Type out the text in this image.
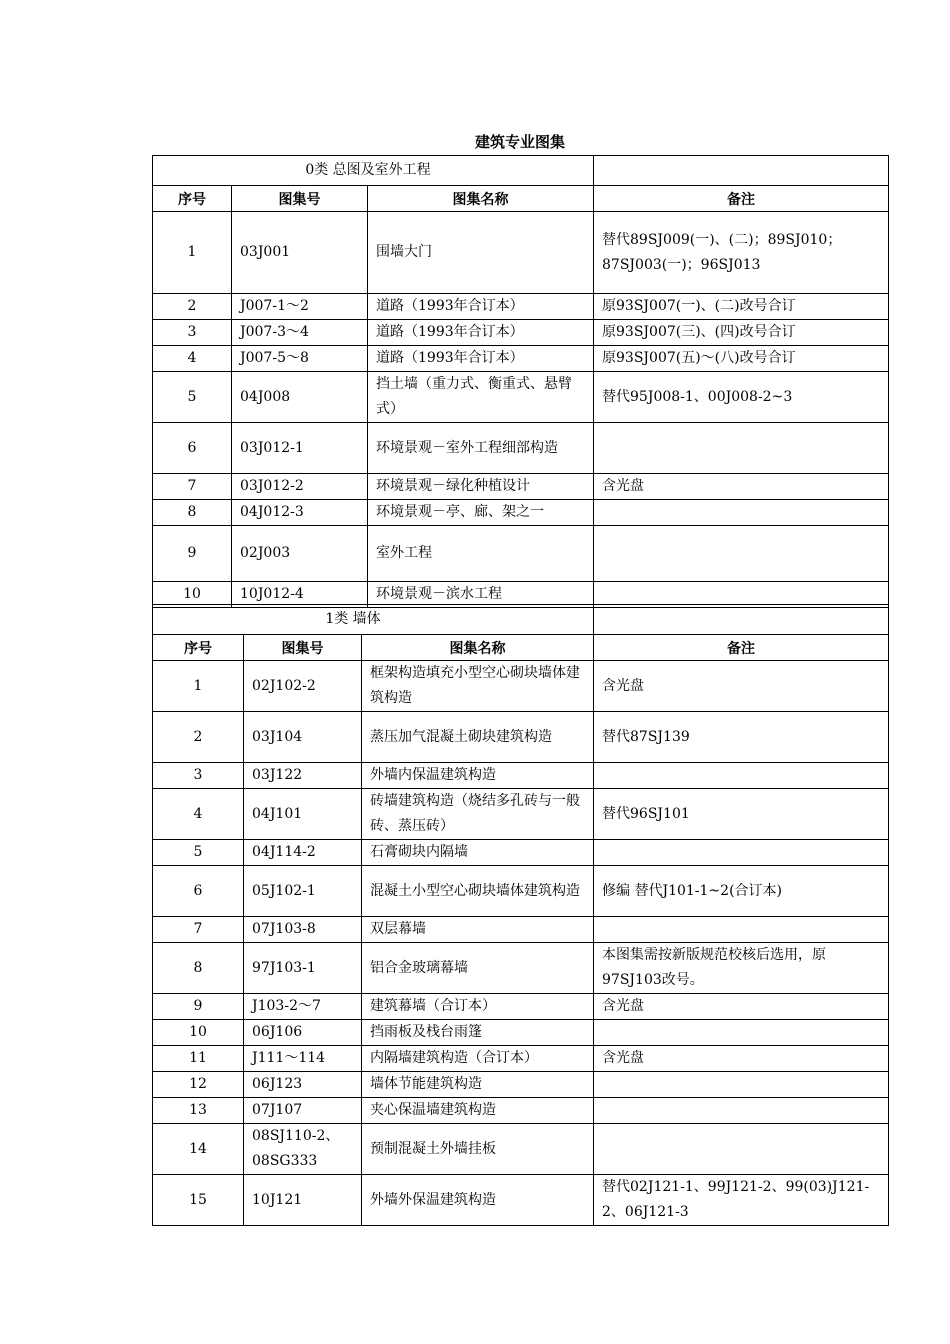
建筑专业图集
0类 总图及室外工程			
序号	图集号	图集名称	备注
1	03J001	围墙大门	替代89SJ009(一)、(二)；89SJ010；87SJ003(一)；96SJ013
2	J007-1～2	道路（1993年合订本）	原93SJ007(一)、(二)改号合订
3	J007-3～4	道路（1993年合订本）	原93SJ007(三)、(四)改号合订
4	J007-5～8	道路（1993年合订本）	原93SJ007(五)～(八)改号合订
5	04J008	挡土墙（重力式、衡重式、悬臂式）	替代95J008-1、00J008-2~3
6	03J012-1	环境景观－室外工程细部构造	
7	03J012-2	环境景观－绿化种植设计	含光盘
8	04J012-3	环境景观－亭、廊、架之一	
9	02J003	室外工程	
10	10J012-4	环境景观－滨水工程	
1类 墙体			
序号	图集号	图集名称	备注
1	02J102-2	框架构造填充小型空心砌块墙体建筑构造	含光盘
2	03J104	蒸压加气混凝土砌块建筑构造	替代87SJ139
3	03J122	外墙内保温建筑构造	
4	04J101	砖墙建筑构造（烧结多孔砖与一般砖、蒸压砖）	替代96SJ101
5	04J114-2	石膏砌块内隔墙	
6	05J102-1	混凝土小型空心砌块墙体建筑构造	修编 替代J101-1~2(合订本)
7	07J103-8	双层幕墙	
8	97J103-1	铝合金玻璃幕墙	本图集需按新版规范校核后选用，原97SJ103改号。
9	J103-2～7	建筑幕墙（合订本）	含光盘
10	06J106	挡雨板及栈台雨篷	
11	J111～114	内隔墙建筑构造（合订本）	含光盘
12	06J123	墙体节能建筑构造	
13	07J107	夹心保温墙建筑构造	
14	08SJ110-2、08SG333	预制混凝土外墙挂板	
15	10J121	外墙外保温建筑构造	替代02J121-1、99J121-2、99(03)J121-2、06J121-3
